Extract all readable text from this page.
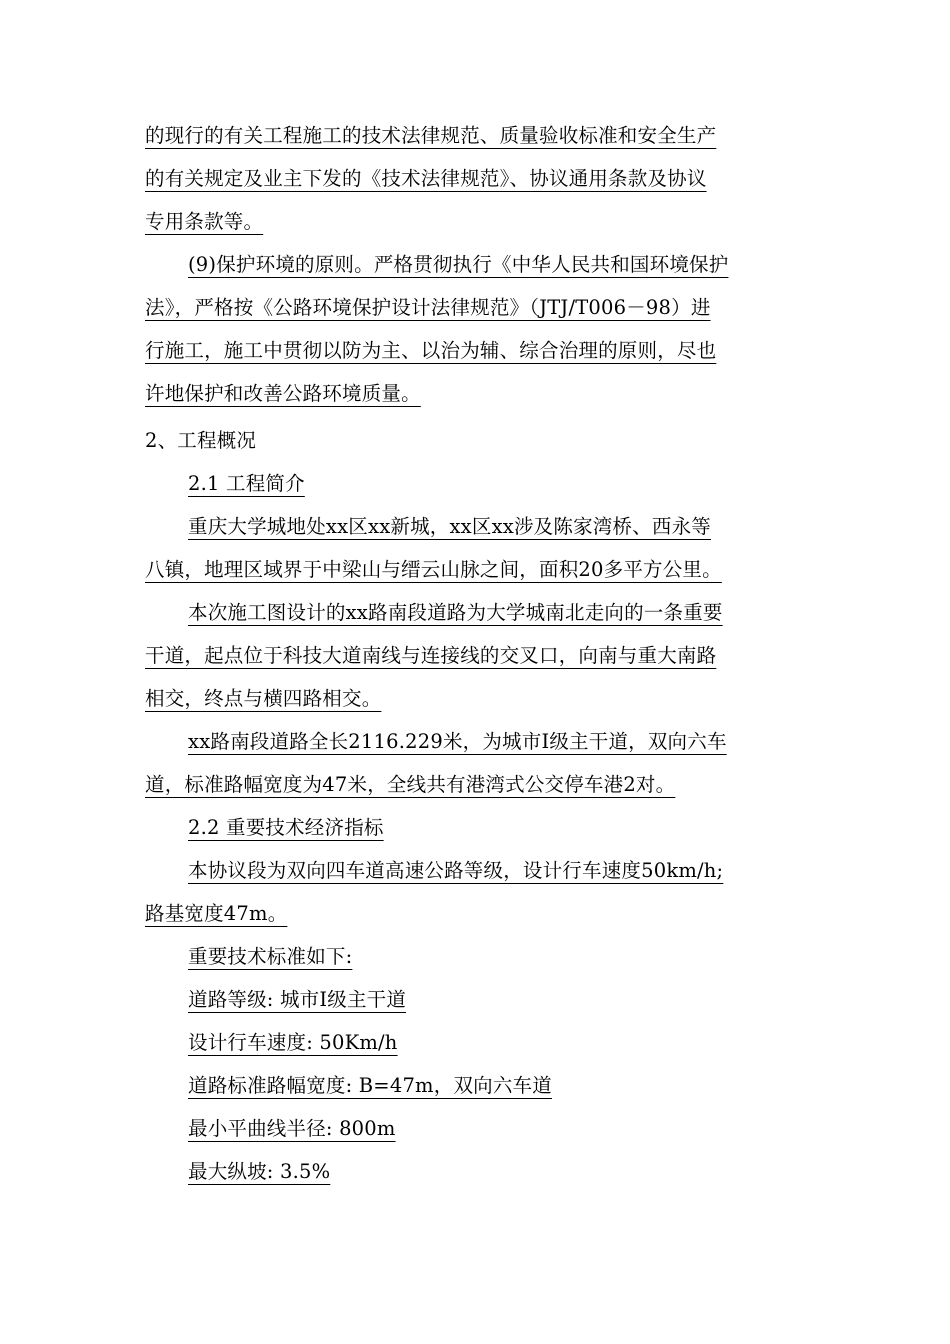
的现行的有关工程施工的技术法律规范、质量验收标准和安全生产
的有关规定及业主下发的《技术法律规范》、协议通用条款及协议
专用条款等。
(9)保护环境的原则。严格贯彻执行《中华人民共和国环境保护
法》，严格按《公路环境保护设计法律规范》（JTJ/T006－98）进
行施工，施工中贯彻以防为主、以治为辅、综合治理的原则，尽也
许地保护和改善公路环境质量。
2、工程概况
2.1 工程简介
重庆大学城地处xx区xx新城，xx区xx涉及陈家湾桥、西永等
八镇，地理区域界于中梁山与缙云山脉之间，面积20多平方公里。
本次施工图设计的xx路南段道路为大学城南北走向的一条重要
干道，起点位于科技大道南线与连接线的交叉口，向南与重大南路
相交，终点与横四路相交。
xx路南段道路全长2116.229米，为城市Ⅰ级主干道，双向六车
道，标准路幅宽度为47米，全线共有港湾式公交停车港2对。
2.2 重要技术经济指标
本协议段为双向四车道高速公路等级，设计行车速度50km/h;
路基宽度47m。
重要技术标准如下:
道路等级: 城市Ⅰ级主干道
设计行车速度: 50Km/h
道路标准路幅宽度: B=47m，双向六车道
最小平曲线半径: 800m
最大纵坡: 3.5%
